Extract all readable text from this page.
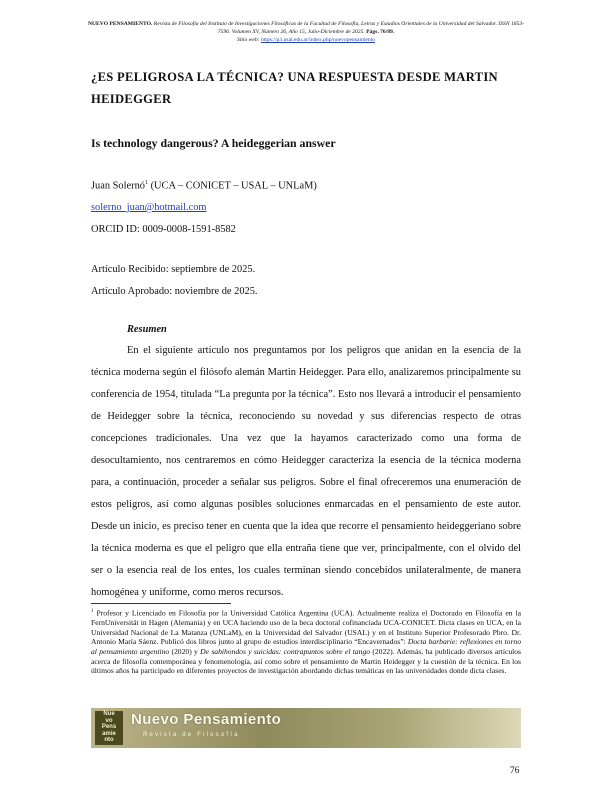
NUEVO PENSAMIENTO. Revista de Filosofía del Instituto de Investigaciones Filosóficas de la Facultad de Filosofía, Letras y Estudios Orientales de la Universidad del Salvador. ISSN 1853-7596. Volumen XV, Número 26, Año 15, Julio-Diciembre de 2025. Págs. 76/89.
Sitio web: https://p3.usal.edu.ar/index.php/nuevopensamiento
¿ES PELIGROSA LA TÉCNICA? UNA RESPUESTA DESDE MARTIN HEIDEGGER
Is technology dangerous? A heideggerian answer
Juan Solernó$^1$ (UCA – CONICET – USAL – UNLaM)
solerno_juan@hotmail.com
ORCID ID: 0009-0008-1591-8582
Artículo Recibido: septiembre de 2025.
Artículo Aprobado: noviembre de 2025.
Resumen

En el siguiente artículo nos preguntamos por los peligros que anidan en la esencia de la técnica moderna según el filósofo alemán Martin Heidegger. Para ello, analizaremos principalmente su conferencia de 1954, titulada “La pregunta por la técnica”. Esto nos llevará a introducir el pensamiento de Heidegger sobre la técnica, reconociendo su novedad y sus diferencias respecto de otras concepciones tradicionales. Una vez que la hayamos caracterizado como una forma de desocultamiento, nos centraremos en cómo Heidegger caracteriza la esencia de la técnica moderna para, a continuación, proceder a señalar sus peligros. Sobre el final ofreceremos una enumeración de estos peligros, así como algunas posibles soluciones enmarcadas en el pensamiento de este autor. Desde un inicio, es preciso tener en cuenta que la idea que recorre el pensamiento heideggeriano sobre la técnica moderna es que el peligro que ella entraña tiene que ver, principalmente, con el olvido del ser o la esencia real de los entes, los cuales terminan siendo concebidos unilateralmente, de manera homogénea y uniforme, como meros recursos.

$^1$ Profesor y Licenciado en Filosofía por la Universidad Católica Argentina (UCA). Actualmente realiza el Doctorado en Filosofía en la FernUniversität in Hagen (Alemania) y en UCA haciendo uso de la beca doctoral cofinanciada UCA-CONICET. Dicta clases en UCA, en la Universidad Nacional de La Matanza (UNLaM), en la Universidad del Salvador (USAL) y en el Instituto Superior Profesorado Pbro. Dr. Antonio María Sáenz. Publicó dos libros junto al grupo de estudios interdisciplinario “Encavernados”: Docta barbarie: reflexiones en torno al pensamiento argentino (2020) y De sabihondos y suicidas: contrapuntos sobre el tango (2022). Además, ha publicado diversos artículos acerca de filosofía contemporánea y fenomenología, así como sobre el pensamiento de Martin Heidegger y la cuestión de la técnica. En los últimos años ha participado en diferentes proyectos de investigación abordando dichas temáticas en las universidades donde dicta clases.

Nue
vo
Pens
amie
nto
Nuevo Pensamiento
Revista de Filosofía
76
